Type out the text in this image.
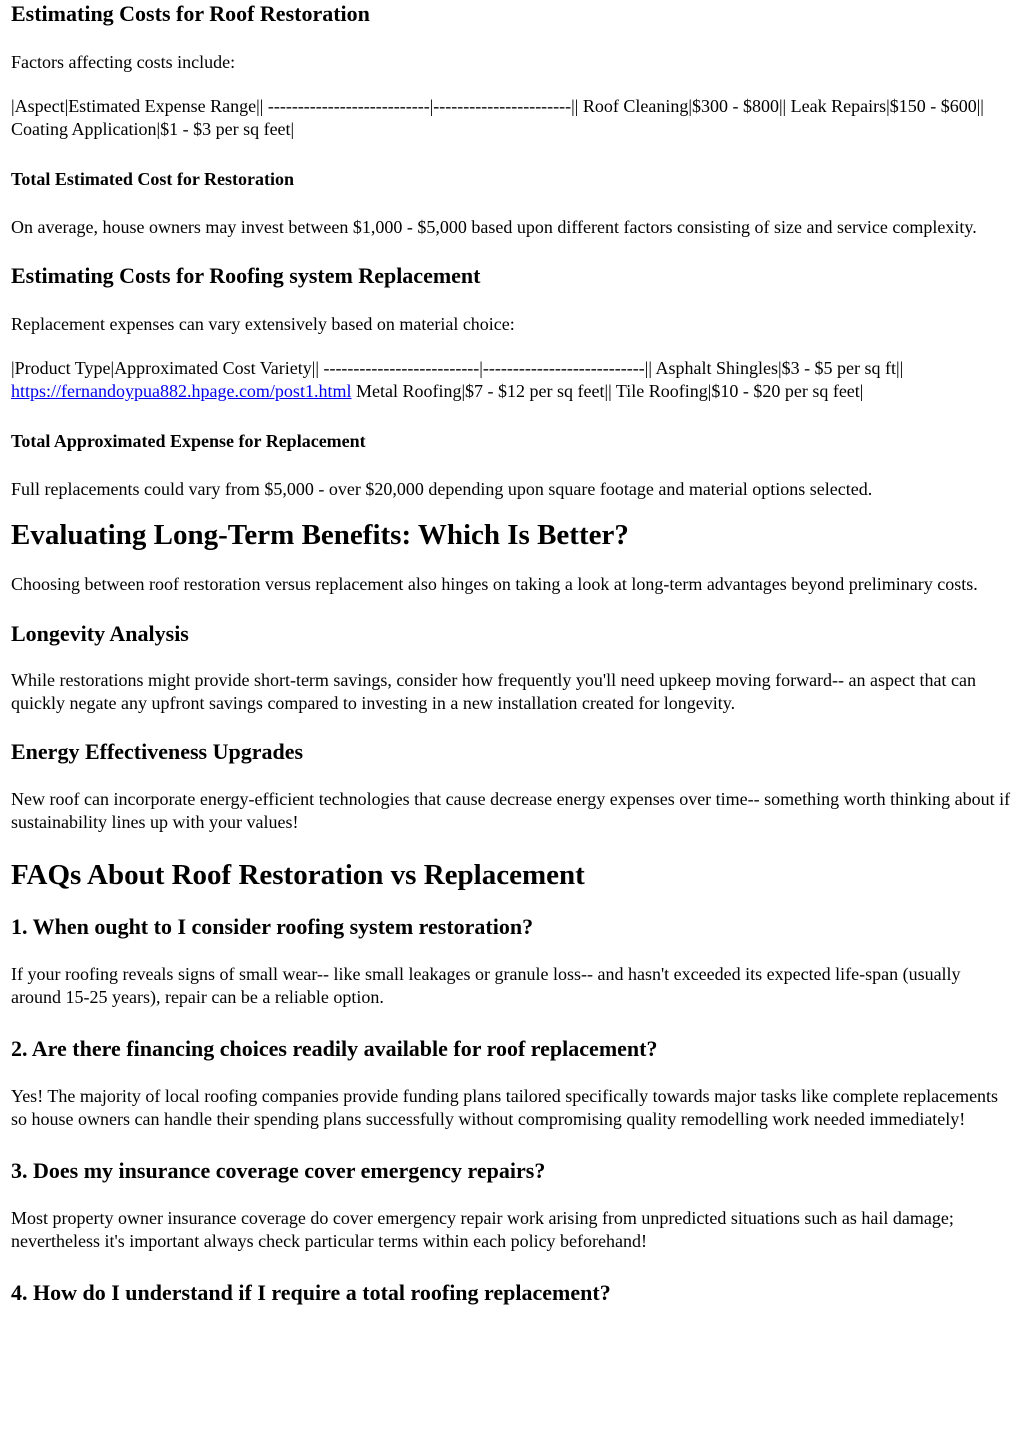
Estimating Costs for Roof Restoration

Factors affecting costs include:

|Aspect|Estimated Expense Range|| ---------------------------|-----------------------|| Roof Cleaning|$300 - $800|| Leak Repairs|$150 - $600|| Coating Application|$1 - $3 per sq feet|

Total Estimated Cost for Restoration

On average, house owners may invest between $1,000 - $5,000 based upon different factors consisting of size and service complexity.

Estimating Costs for Roofing system Replacement

Replacement expenses can vary extensively based on material choice:

|Product Type|Approximated Cost Variety|| --------------------------|---------------------------|| Asphalt Shingles|$3 - $5 per sq ft|| https://fernandoypua882.hpage.com/post1.html Metal Roofing|$7 - $12 per sq feet|| Tile Roofing|$10 - $20 per sq feet|

Total Approximated Expense for Replacement

Full replacements could vary from $5,000 - over $20,000 depending upon square footage and material options selected.

Evaluating Long-Term Benefits: Which Is Better?

Choosing between roof restoration versus replacement also hinges on taking a look at long-term advantages beyond preliminary costs.

Longevity Analysis

While restorations might provide short-term savings, consider how frequently you'll need upkeep moving forward-- an aspect that can quickly negate any upfront savings compared to investing in a new installation created for longevity.

Energy Effectiveness Upgrades

New roof can incorporate energy-efficient technologies that cause decrease energy expenses over time-- something worth thinking about if sustainability lines up with your values!

FAQs About Roof Restoration vs Replacement
1. When ought to I consider roofing system restoration?

If your roofing reveals signs of small wear-- like small leakages or granule loss-- and hasn't exceeded its expected life-span (usually around 15-25 years), repair can be a reliable option.

2. Are there financing choices readily available for roof replacement?

Yes! The majority of local roofing companies provide funding plans tailored specifically towards major tasks like complete replacements so house owners can handle their spending plans successfully without compromising quality remodelling work needed immediately!

3. Does my insurance coverage cover emergency repairs?

Most property owner insurance coverage do cover emergency repair work arising from unpredicted situations such as hail damage; nevertheless it's important always check particular terms within each policy beforehand!

4. How do I understand if I require a total roofing replacement?
